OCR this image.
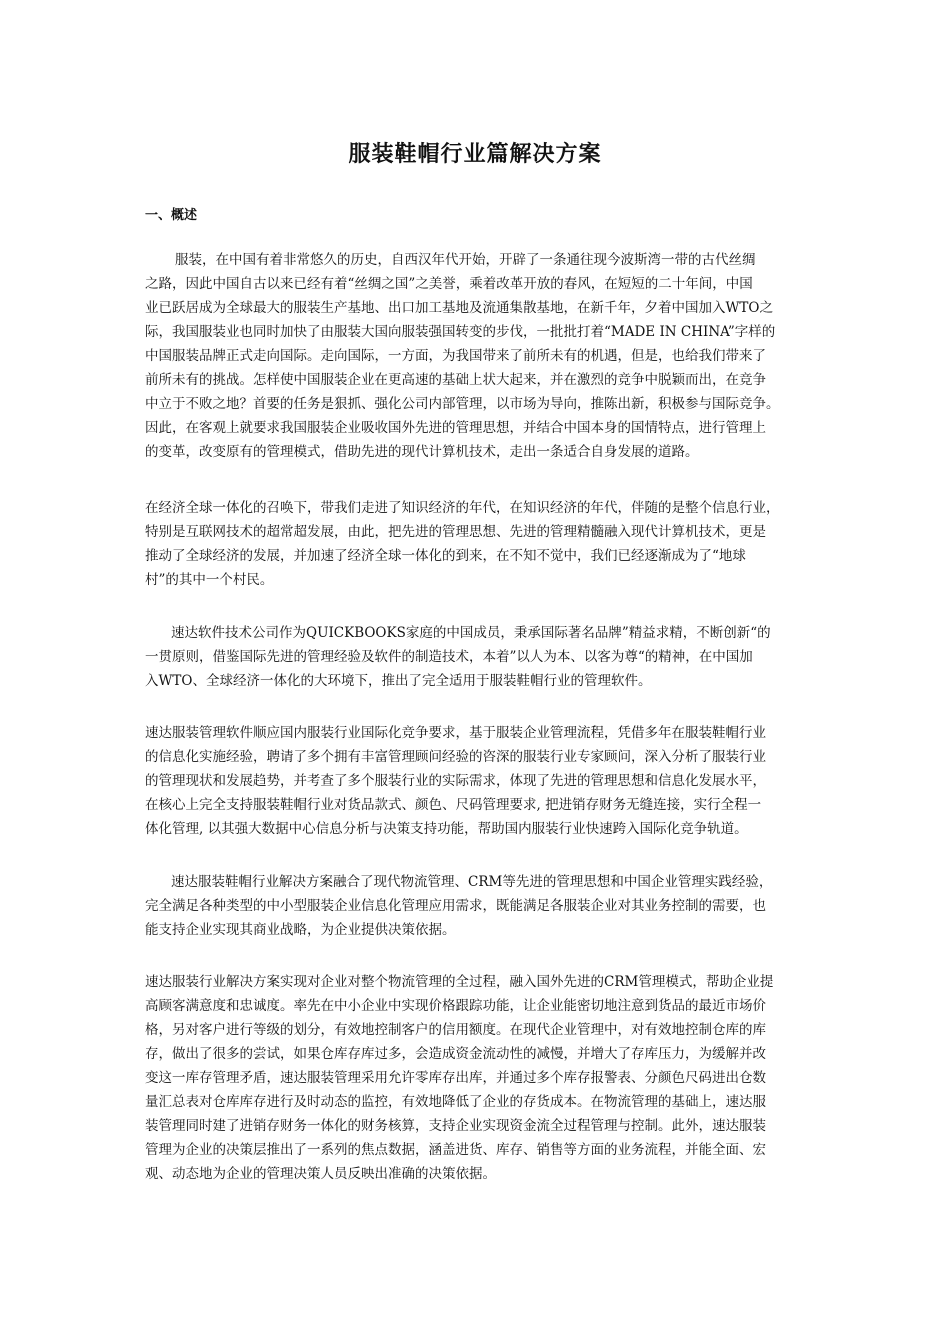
服装鞋帽行业篇解决方案
一、概述
服装，在中国有着非常悠久的历史，自西汉年代开始，开辟了一条通往现今波斯湾一带的古代丝绸
之路，因此中国自古以来已经有着“丝绸之国”之美誉，乘着改革开放的春风，在短短的二十年间，中国
业已跃居成为全球最大的服装生产基地、出口加工基地及流通集散基地，在新千年，夕着中国加入WTO之
际，我国服装业也同时加快了由服装大国向服装强国转变的步伐，一批批打着“MADE IN CHINA”字样的
中国服装品牌正式走向国际。走向国际，一方面，为我国带来了前所未有的机遇，但是，也给我们带来了
前所未有的挑战。怎样使中国服装企业在更高速的基础上状大起来，并在激烈的竞争中脱颖而出，在竞争
中立于不败之地？首要的任务是狠抓、强化公司内部管理，以市场为导向，推陈出新，积极参与国际竞争。
因此，在客观上就要求我国服装企业吸收国外先进的管理思想，并结合中国本身的国情特点，进行管理上
的变革，改变原有的管理模式，借助先进的现代计算机技术，走出一条适合自身发展的道路。
在经济全球一体化的召唤下，带我们走进了知识经济的年代，在知识经济的年代，伴随的是整个信息行业，
特别是互联网技术的超常超发展，由此，把先进的管理思想、先进的管理精髓融入现代计算机技术，更是
推动了全球经济的发展，并加速了经济全球一体化的到来，在不知不觉中，我们已经逐渐成为了“地球
村”的其中一个村民。
速达软件技术公司作为QUICKBOOKS家庭的中国成员，秉承国际著名品牌”精益求精，不断创新“的
一贯原则，借鉴国际先进的管理经验及软件的制造技术，本着”以人为本、以客为尊“的精神，在中国加
入WTO、全球经济一体化的大环境下，推出了完全适用于服装鞋帽行业的管理软件。
速达服装管理软件顺应国内服装行业国际化竞争要求，基于服装企业管理流程，凭借多年在服装鞋帽行业
的信息化实施经验，聘请了多个拥有丰富管理顾问经验的咨深的服装行业专家顾问，深入分析了服装行业
的管理现状和发展趋势，并考查了多个服装行业的实际需求，体现了先进的管理思想和信息化发展水平，
在核心上完全支持服装鞋帽行业对货品款式、颜色、尺码管理要求, 把进销存财务无缝连接，实行全程一
体化管理, 以其强大数据中心信息分析与决策支持功能，帮助国内服装行业快速跨入国际化竞争轨道。
速达服装鞋帽行业解决方案融合了现代物流管理、CRM等先进的管理思想和中国企业管理实践经验，
完全满足各种类型的中小型服装企业信息化管理应用需求，既能满足各服装企业对其业务控制的需要，也
能支持企业实现其商业战略，为企业提供决策依据。
速达服装行业解决方案实现对企业对整个物流管理的全过程，融入国外先进的CRM管理模式，帮助企业提
高顾客满意度和忠诚度。率先在中小企业中实现价格跟踪功能，让企业能密切地注意到货品的最近市场价
格，另对客户进行等级的划分，有效地控制客户的信用额度。在现代企业管理中，对有效地控制仓库的库
存，做出了很多的尝试，如果仓库存库过多，会造成资金流动性的减慢，并增大了存库压力，为缓解并改
变这一库存管理矛盾，速达服装管理采用允许零库存出库，并通过多个库存报警表、分颜色尺码进出仓数
量汇总表对仓库库存进行及时动态的监控，有效地降低了企业的存货成本。在物流管理的基础上，速达服
装管理同时建了进销存财务一体化的财务核算，支持企业实现资金流全过程管理与控制。此外，速达服装
管理为企业的决策层推出了一系列的焦点数据，涵盖进货、库存、销售等方面的业务流程，并能全面、宏
观、动态地为企业的管理决策人员反映出准确的决策依据。
